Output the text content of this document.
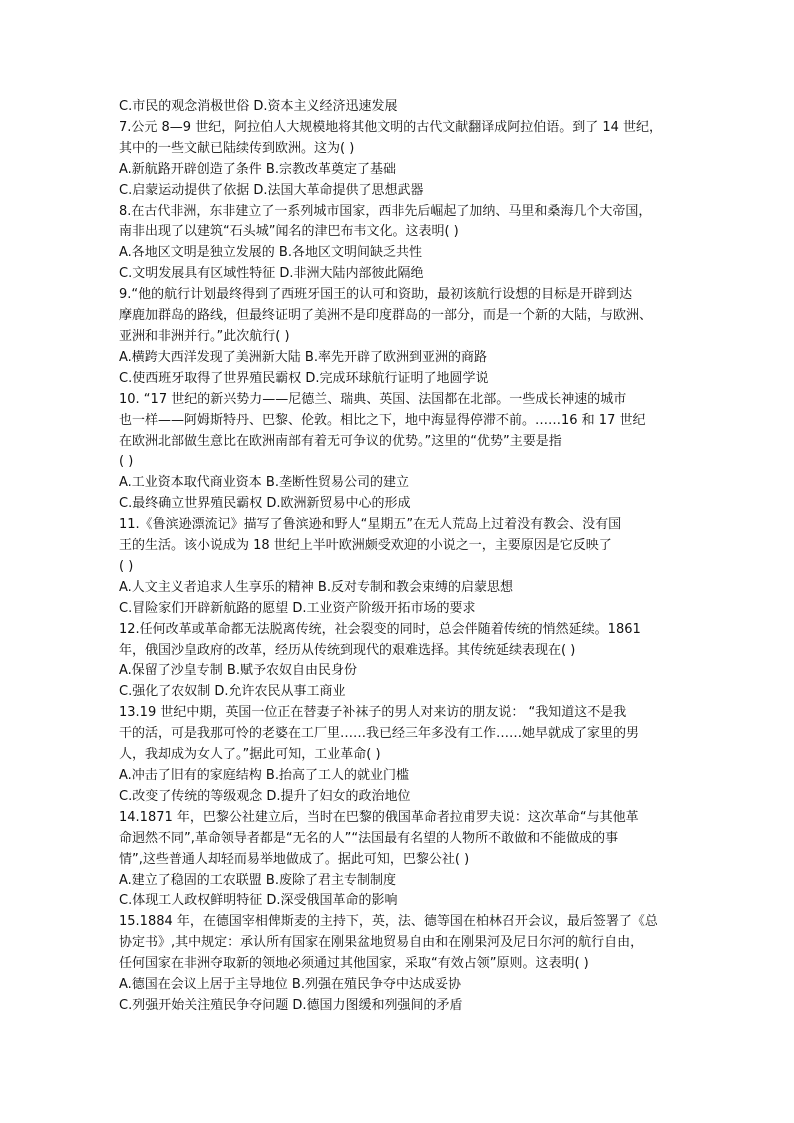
C.市民的观念消极世俗 D.资本主义经济迅速发展
7.公元 8—9 世纪，阿拉伯人大规模地将其他文明的古代文献翻译成阿拉伯语。到了 14 世纪，
其中的一些文献已陆续传到欧洲。这为( )
A.新航路开辟创造了条件 B.宗教改革奠定了基础
C.启蒙运动提供了依据 D.法国大革命提供了思想武器
8.在古代非洲，东非建立了一系列城市国家，西非先后崛起了加纳、马里和桑海几个大帝国，
南非出现了以建筑“石头城”闻名的津巴布韦文化。这表明( )
A.各地区文明是独立发展的 B.各地区文明间缺乏共性
C.文明发展具有区域性特征 D.非洲大陆内部彼此隔绝
9.“他的航行计划最终得到了西班牙国王的认可和资助，最初该航行设想的目标是开辟到达
摩鹿加群岛的路线，但最终证明了美洲不是印度群岛的一部分，而是一个新的大陆，与欧洲、
亚洲和非洲并行。”此次航行( )
A.横跨大西洋发现了美洲新大陆 B.率先开辟了欧洲到亚洲的商路
C.使西班牙取得了世界殖民霸权 D.完成环球航行证明了地圆学说
10. “17 世纪的新兴势力——尼德兰、瑞典、英国、法国都在北部。一些成长神速的城市
也一样——阿姆斯特丹、巴黎、伦敦。相比之下，地中海显得停滞不前。……16 和 17 世纪
在欧洲北部做生意比在欧洲南部有着无可争议的优势。”这里的“优势”主要是指
( )
A.工业资本取代商业资本 B.垄断性贸易公司的建立
C.最终确立世界殖民霸权 D.欧洲新贸易中心的形成
11.《鲁滨逊漂流记》描写了鲁滨逊和野人“星期五”在无人荒岛上过着没有教会、没有国
王的生活。该小说成为 18 世纪上半叶欧洲颇受欢迎的小说之一，主要原因是它反映了
( )
A.人文主义者追求人生享乐的精神 B.反对专制和教会束缚的启蒙思想
C.冒险家们开辟新航路的愿望 D.工业资产阶级开拓市场的要求
12.任何改革或革命都无法脱离传统，社会裂变的同时，总会伴随着传统的悄然延续。1861
年，俄国沙皇政府的改革，经历从传统到现代的艰难选择。其传统延续表现在( )
A.保留了沙皇专制 B.赋予农奴自由民身份
C.强化了农奴制 D.允许农民从事工商业
13.19 世纪中期，英国一位正在替妻子补袜子的男人对来访的朋友说： “我知道这不是我
干的活，可是我那可怜的老婆在工厂里……我已经三年多没有工作……她早就成了家里的男
人，我却成为女人了。”据此可知，工业革命( )
A.冲击了旧有的家庭结构 B.抬高了工人的就业门槛
C.改变了传统的等级观念 D.提升了妇女的政治地位
14.1871 年，巴黎公社建立后，当时在巴黎的俄国革命者拉甫罗夫说：这次革命“与其他革
命迥然不同”,革命领导者都是“无名的人”“法国最有名望的人物所不敢做和不能做成的事
情”,这些普通人却轻而易举地做成了。据此可知，巴黎公社( )
A.建立了稳固的工农联盟 B.废除了君主专制制度
C.体现工人政权鲜明特征 D.深受俄国革命的影响
15.1884 年，在德国宰相俾斯麦的主持下，英，法、德等国在柏林召开会议，最后签署了《总
协定书》,其中规定：承认所有国家在刚果盆地贸易自由和在刚果河及尼日尔河的航行自由，
任何国家在非洲夺取新的领地必须通过其他国家，采取“有效占领”原则。这表明( )
A.德国在会议上居于主导地位 B.列强在殖民争夺中达成妥协
C.列强开始关注殖民争夺问题 D.德国力图缓和列强间的矛盾
